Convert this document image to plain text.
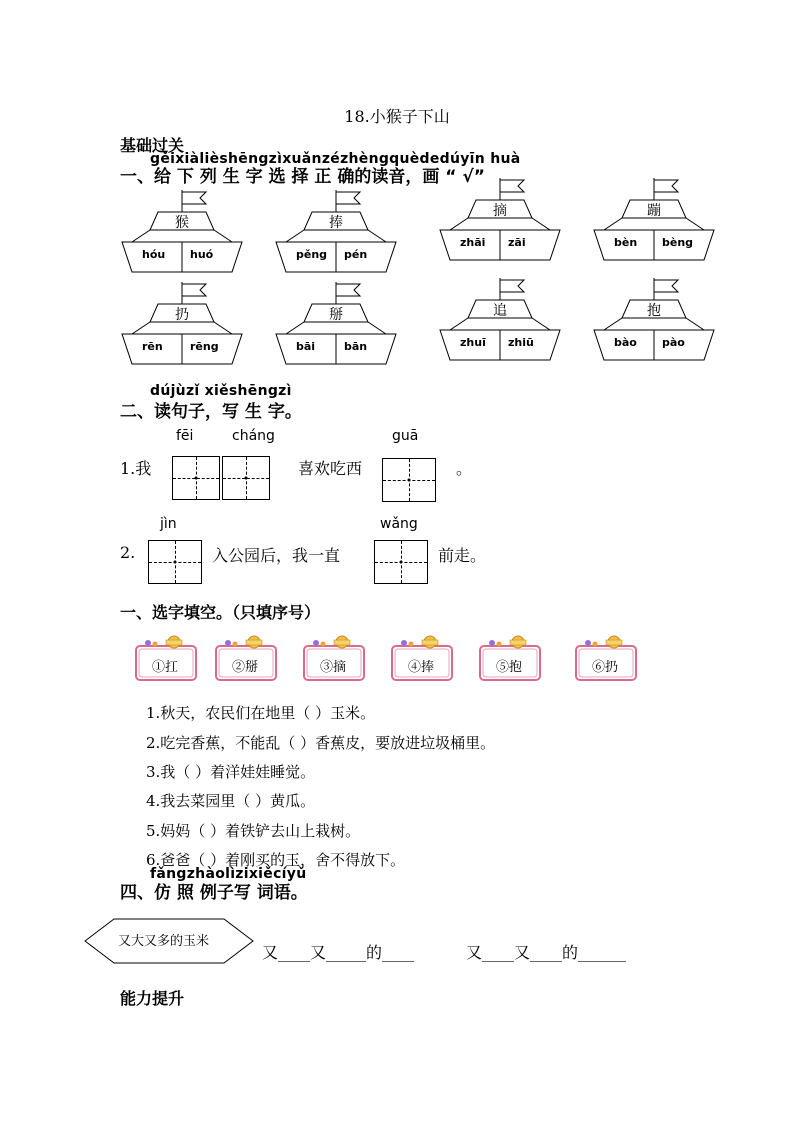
18.小猴子下山
基础过关
gěixiàlièshēngzìxuǎnzézhèngquèdedúyīn huà
一、给 下 列 生 字 选 择 正 确的读音，画 “ √”
猴
hóu huó
捧
pěng pén
摘
zhāi zāi
蹦
bèn bèng
扔
rēn rēng
掰
bāi	bān
追
zhuī zhiū
抱
bào pào
dújùzǐ xiěshēngzì
二、读句子，写 生 字。
fēi	cháng	guā
1.我	喜欢吃西	。
jìn	wǎng
2.	入公园后，我一直	前走。
一、选字填空。（只填序号）
①扛	②掰	③摘	④捧	⑤抱	⑥扔
1.秋天，农民们在地里（ ）玉米。
2.吃完香蕉，不能乱（ ）香蕉皮，要放进垃圾桶里。
3.我（ ）着洋娃娃睡觉。
4.我去菜园里（ ）黄瓜。
5.妈妈（ ）着铁铲去山上栽树。
6.爸爸（ ）着刚买的玉，舍不得放下。
fǎngzhàolìzixiěcíyǔ
四、仿 照 例子写 词语。
又大又多的玉米
又____又_____的____	又____又____的______
能力提升
